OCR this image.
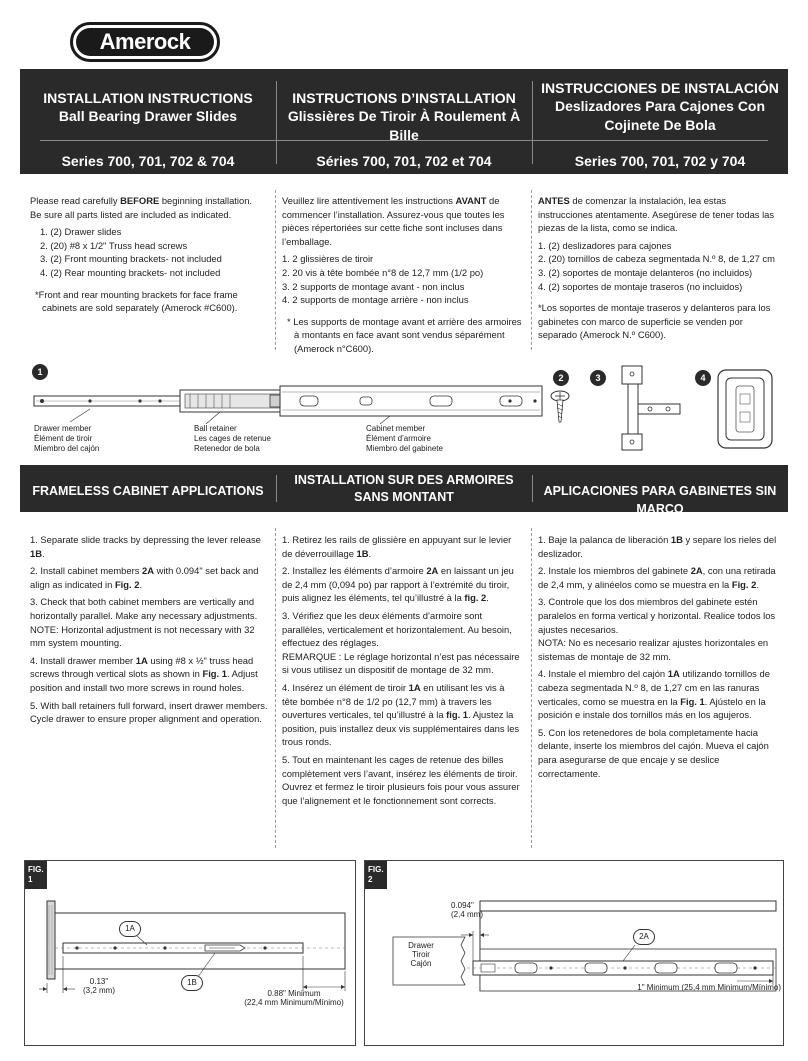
Amerock
INSTALLATION INSTRUCTIONS
Ball Bearing Drawer Slides
Series 700, 701, 702 & 704
INSTRUCTIONS D’INSTALLATION
Glissières De Tiroir À Roulement À Bille
Séries 700, 701, 702 et 704
INSTRUCCIONES DE INSTALACIÓN
Deslizadores Para Cajones Con
Cojinete De Bola
Series 700, 701, 702 y 704

Please read carefully BEFORE beginning installation.
Be sure all parts listed are included as indicated.

1. (2) Drawer slides
2. (20) #8 x 1/2" Truss head screws
3. (2) Front mounting brackets- not included
4. (2) Rear mounting brackets- not included
*Front and rear mounting brackets for face frame cabinets are sold separately (Amerock #C600).

Veuillez lire attentivement les instructions AVANT de commencer l’installation. Assurez-vous que toutes les pièces répertoriées sur cette fiche sont incluses dans l’emballage.

1. 2 glissières de tiroir
2. 20 vis à tête bombée n°8 de 12,7 mm (1/2 po)
3. 2 supports de montage avant - non inclus
4. 2 supports de montage arrière - non inclus
* Les supports de montage avant et arrière des armoires à montants en face avant sont vendus séparément (Amerock n°C600).

ANTES de comenzar la instalación, lea estas instrucciones atentamente. Asegúrese de tener todas las piezas de la lista, como se indica.

1. (2) deslizadores para cajones
2. (20) tornillos de cabeza segmentada N.º 8, de 1,27 cm
3. (2) soportes de montaje delanteros (no incluidos)
4. (2) soportes de montaje traseros (no incluidos)
*Los soportes de montaje traseros y delanteros para los gabinetes con marco de superficie se venden por separado (Amerock N.º C600).
1
Drawer member
Élément de tiroir
Miembro del cajón
Ball retainer
Les cages de retenue
Retenedor de bola
Cabinet member
Élément d’armoire
Miembro del gabinete
2	3	4
FRAMELESS CABINET APPLICATIONS
INSTALLATION SUR DES ARMOIRES
SANS MONTANT	APLICACIONES PARA GABINETES SIN MARCO

1. Separate slide tracks by depressing the lever release 1B.

2. Install cabinet members 2A with 0.094" set back and align as indicated in Fig. 2.

3. Check that both cabinet members are vertically and horizontally parallel. Make any necessary adjustments. NOTE: Horizontal adjustment is not necessary with 32 mm system mounting.

4. Install drawer member 1A using #8 x ½" truss head screws through vertical slots as shown in Fig. 1. Adjust position and install two more screws in round holes.

5. With ball retainers full forward, insert drawer members. Cycle drawer to ensure proper alignment and operation.

1. Retirez les rails de glissière en appuyant sur le levier de déverrouillage 1B.

2. Installez les éléments d’armoire 2A en laissant un jeu de 2,4 mm (0,094 po) par rapport à l’extrémité du tiroir, puis alignez les éléments, tel qu’illustré à la fig. 2.

3. Vérifiez que les deux éléments d’armoire sont parallèles, verticalement et horizontalement. Au besoin, effectuez des réglages.

REMARQUE : Le réglage horizontal n’est pas nécessaire si vous utilisez un dispositif de montage de 32 mm.

4. Insérez un élément de tiroir 1A en utilisant les vis à tête bombée n°8 de 1/2 po (12,7 mm) à travers les ouvertures verticales, tel qu’illustré à la fig. 1. Ajustez la position, puis installez deux vis supplémentaires dans les trous ronds.

5. Tout en maintenant les cages de retenue des billes complètement vers l’avant, insérez les éléments de tiroir. Ouvrez et fermez le tiroir plusieurs fois pour vous assurer que l’alignement et le fonctionnement sont corrects.

1. Baje la palanca de liberación 1B y separe los rieles del deslizador.

2. Instale los miembros del gabinete 2A, con una retirada de 2,4 mm, y alinéelos como se muestra en la Fig. 2.

3. Controle que los dos miembros del gabinete estén paralelos en forma vertical y horizontal. Realice todos los ajustes necesarios.

NOTA: No es necesario realizar ajustes horizontales en sistemas de montaje de 32 mm.

4. Instale el miembro del cajón 1A utilizando tornillos de cabeza segmentada N.º 8, de 1,27 cm en las ranuras verticales, como se muestra en la Fig. 1. Ajústelo en la posición e instale dos tornillos más en los agujeros.

5. Con los retenedores de bola completamente hacia delante, inserte los miembros del cajón. Mueva el cajón para asegurarse de que encaje y se deslice correctamente.

FIG.
1
1A
1B
0.13"
(3,2 mm)	0.88" Minimum
(22,4 mm Minimum/Mínimo)
FIG.
2
0.094"
(2,4 mm)
2A
Drawer
Tiroir
Cajón
1" Minimum (25,4 mm Minimum/Mínimo)
